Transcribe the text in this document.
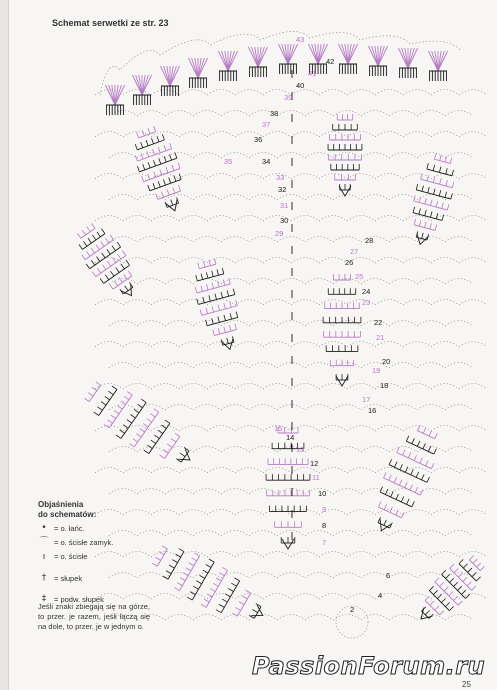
Schemat serwetki ze str. 23
2
4
6
7
8
9
10
11
12
13
14
15
16
17
18
19
20
21
22
23
24
25
26
27
28
29
30
31
32
33
34
35
36
37
38
39
40
41
42
43
Objaśnienia
do schematów:
• = o. łańc.
⌒ = o. ścisłe zamyk.
ı	= o. ścisłe
†	= słupek
‡	= podw. słupek
Jeśli znaki zbiegają się na górze, to przer. je razem, jeśli łączą się na dole, to przer. je w jednym o.
PassionForum.ru
25
